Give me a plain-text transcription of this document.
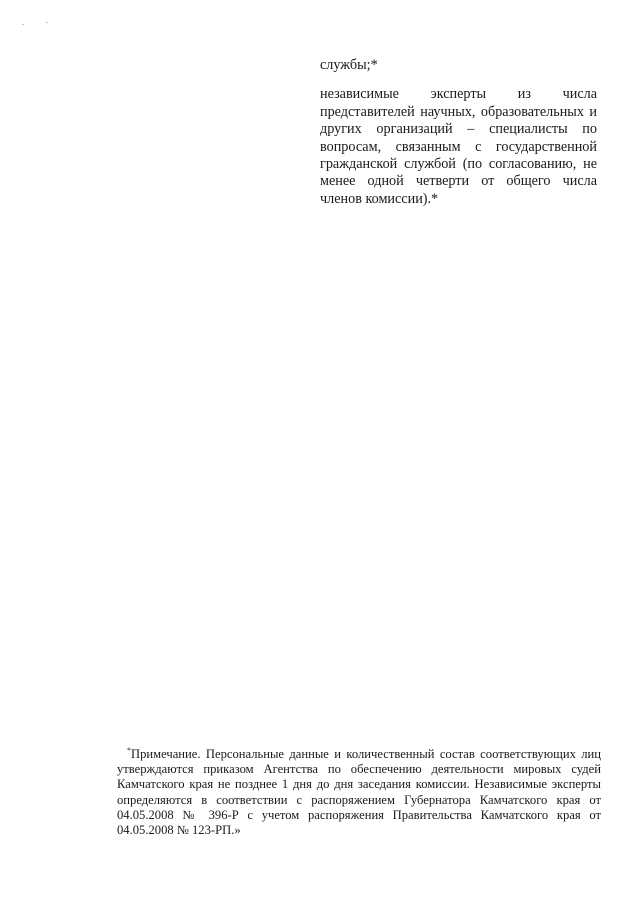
службы;*

независимые эксперты из числа представителей научных, образовательных и других организаций – специалисты по вопросам, связанным с государственной гражданской службой (по согласованию, не менее одной четверти от общего числа членов комиссии).*

*Примечание. Персональные данные и количественный состав соответствующих лиц утверждаются приказом Агентства по обеспечению деятельности мировых судей Камчатского края не позднее 1 дня до дня заседания комиссии. Независимые эксперты определяются в соответствии с распоряжением Губернатора Камчатского края от 04.05.2008 № 396-Р с учетом распоряжения Правительства Камчатского края от 04.05.2008 № 123-РП.»
